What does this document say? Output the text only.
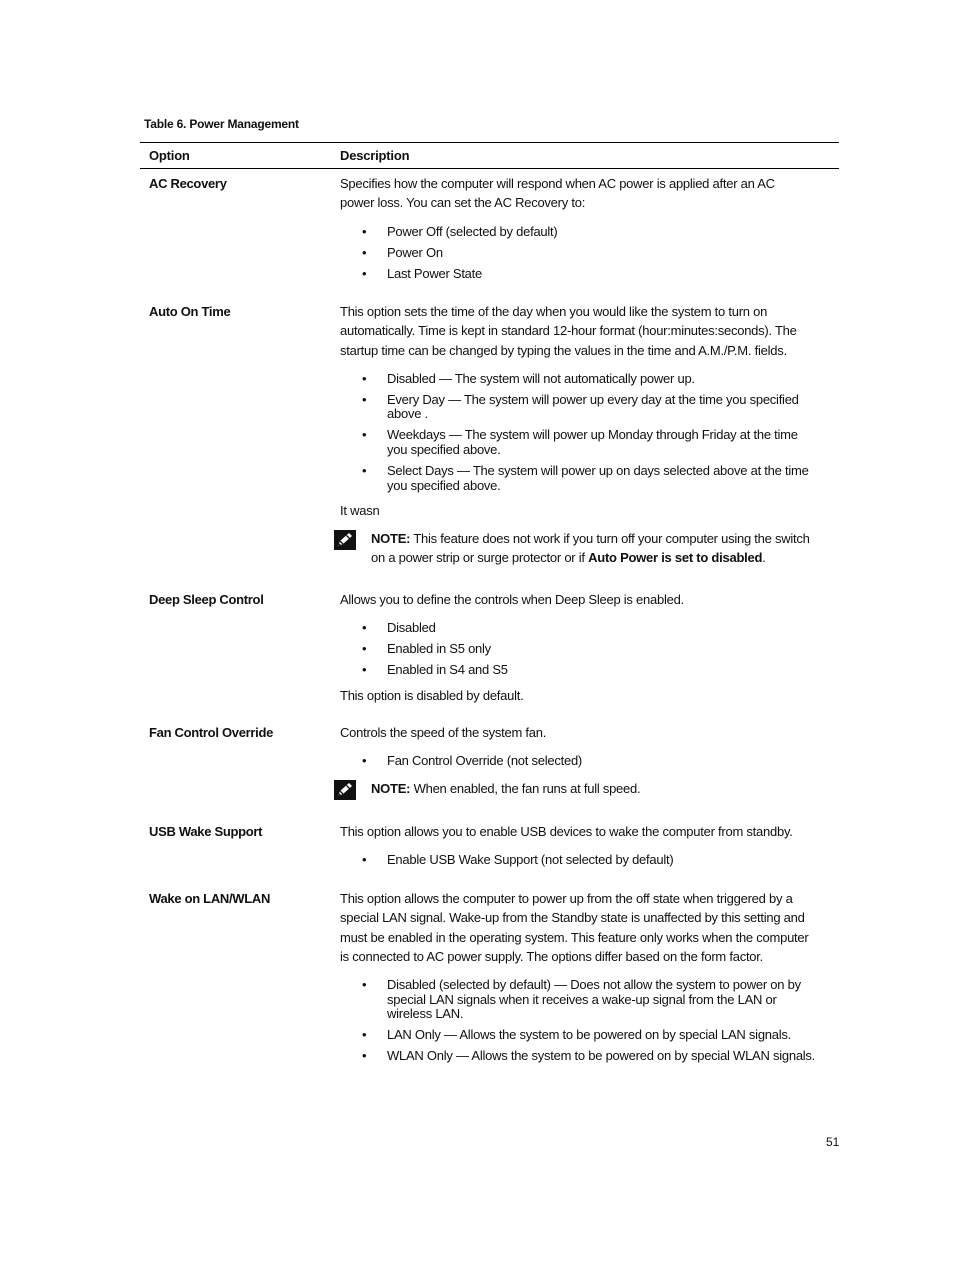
Table 6. Power Management
Option	Description
AC Recovery	Specifies how the computer will respond when AC power is applied after an AC

power loss. You can set the AC Recovery to:

• Power Off (selected by default)
• Power On
• Last Power State
Auto On Time	This option sets the time of the day when you would like the system to turn on

automatically. Time is kept in standard 12-hour format (hour:minutes:seconds). The

startup time can be changed by typing the values in the time and A.M./P.M. fields.

• Disabled — The system will not automatically power up.
• Every Day — The system will power up every day at the time you specified
above .
• Weekdays — The system will power up Monday through Friday at the time
you specified above.
• Select Days — The system will power up on days selected above at the time
you specified above.

It wasn

NOTE: This feature does not work if you turn off your computer using the switch
on a power strip or surge protector or if Auto Power is set to disabled.
Deep Sleep Control	Allows you to define the controls when Deep Sleep is enabled.

• Disabled
• Enabled in S5 only
• Enabled in S4 and S5

This option is disabled by default.

Fan Control Override	Controls the speed of the system fan.

• Fan Control Override (not selected)
NOTE: When enabled, the fan runs at full speed.
USB Wake Support	This option allows you to enable USB devices to wake the computer from standby.

• Enable USB Wake Support (not selected by default)
Wake on LAN/WLAN	This option allows the computer to power up from the off state when triggered by a

special LAN signal. Wake-up from the Standby state is unaffected by this setting and

must be enabled in the operating system. This feature only works when the computer

is connected to AC power supply. The options differ based on the form factor.

• Disabled (selected by default) — Does not allow the system to power on by
special LAN signals when it receives a wake-up signal from the LAN or
wireless LAN.
• LAN Only — Allows the system to be powered on by special LAN signals.
• WLAN Only — Allows the system to be powered on by special WLAN signals.
51
